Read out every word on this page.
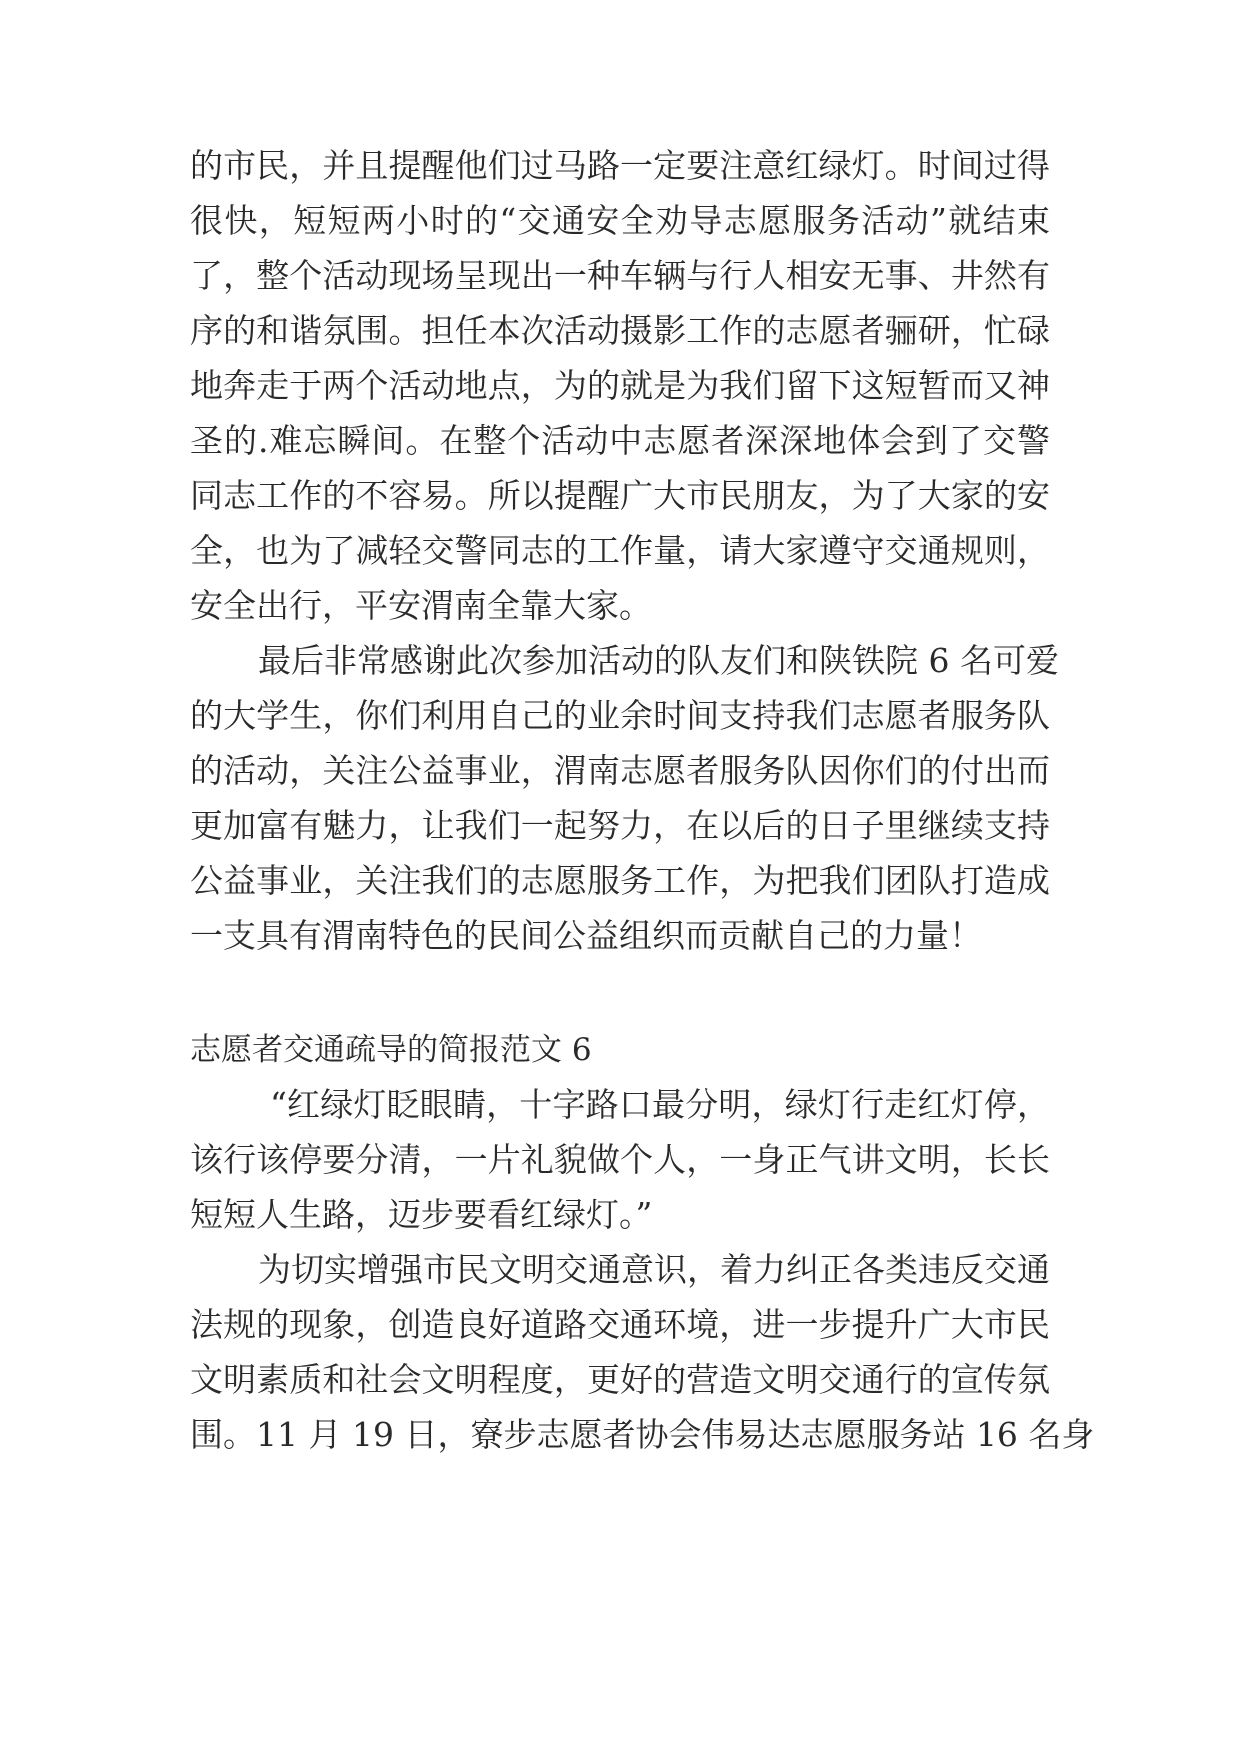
的市民，并且提醒他们过马路一定要注意红绿灯。时间过得
很快，短短两小时的“交通安全劝导志愿服务活动”就结束
了，整个活动现场呈现出一种车辆与行人相安无事、井然有
序的和谐氛围。担任本次活动摄影工作的志愿者骊研，忙碌
地奔走于两个活动地点，为的就是为我们留下这短暂而又神
圣的.难忘瞬间。在整个活动中志愿者深深地体会到了交警
同志工作的不容易。所以提醒广大市民朋友，为了大家的安
全，也为了减轻交警同志的工作量，请大家遵守交通规则，
安全出行，平安渭南全靠大家。
最后非常感谢此次参加活动的队友们和陕铁院 6 名可爱
的大学生，你们利用自己的业余时间支持我们志愿者服务队
的活动，关注公益事业，渭南志愿者服务队因你们的付出而
更加富有魅力，让我们一起努力，在以后的日子里继续支持
公益事业，关注我们的志愿服务工作，为把我们团队打造成
一支具有渭南特色的民间公益组织而贡献自己的力量！
志愿者交通疏导的简报范文 6
“红绿灯眨眼睛，十字路口最分明，绿灯行走红灯停，
该行该停要分清，一片礼貌做个人，一身正气讲文明，长长
短短人生路，迈步要看红绿灯。”
为切实增强市民文明交通意识，着力纠正各类违反交通
法规的现象，创造良好道路交通环境，进一步提升广大市民
文明素质和社会文明程度，更好的营造文明交通行的宣传氛
围。11 月 19 日，寮步志愿者协会伟易达志愿服务站 16 名身
